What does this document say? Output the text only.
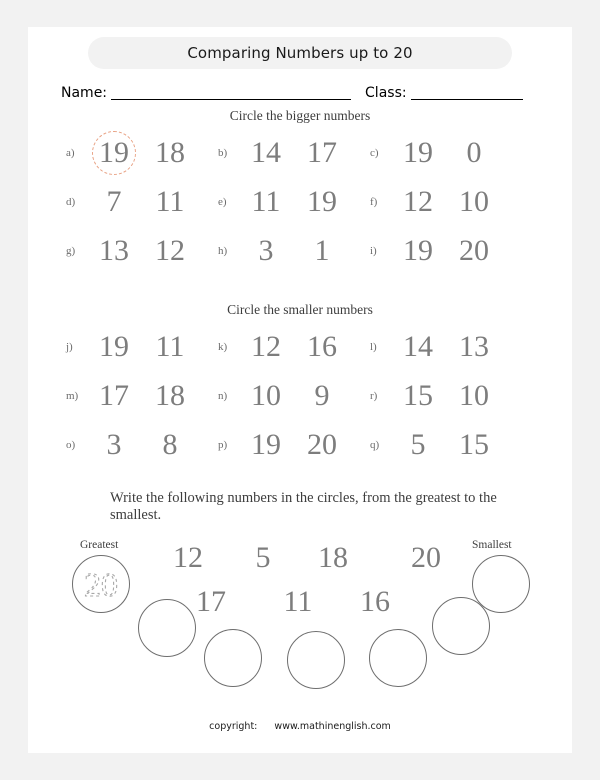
Comparing Numbers up to 20
Name:	Class:
Circle the bigger numbers
a) 19 18	b) 14 17	c) 19	0
d)	7	11	e) 11 19	f) 12 10
g) 13 12	h)	3	1	i) 19 20
Circle the smaller numbers
j) 19 11	k) 12 16	l) 14 13
m) 17 18	n) 10	9	r) 15 10
o)	3	8	p) 19 20	q)	5	15
Write the following numbers in the circles, from the greatest to the smallest.
Greatest	Smallest
12	5	18	20
17	11	16
20
copyright: www.mathinenglish.com
